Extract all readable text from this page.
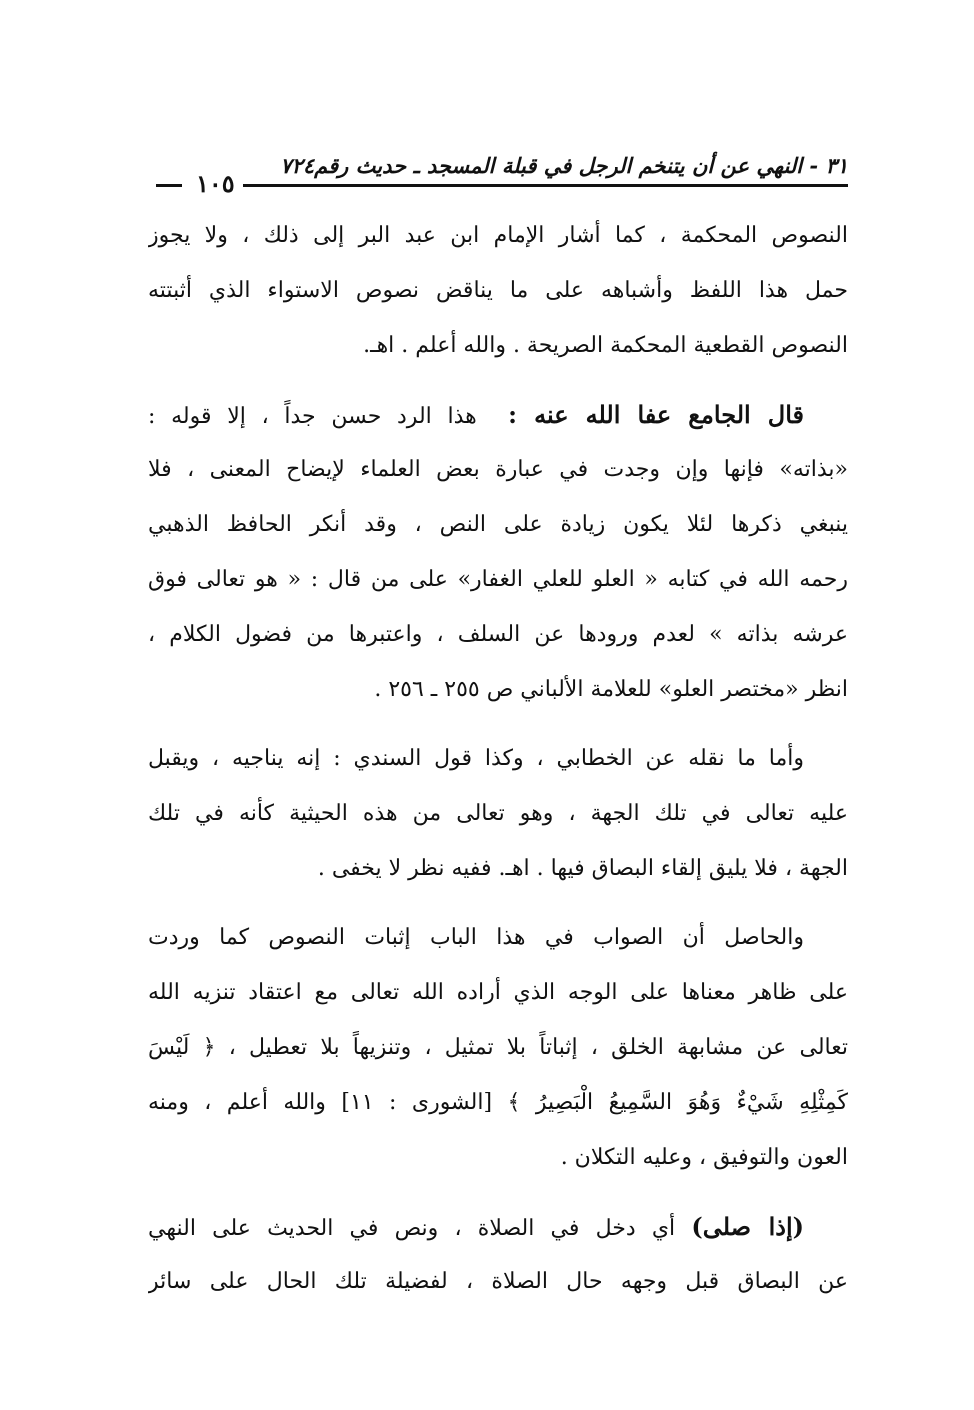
٣١ - النهي عن أن يتنخم الرجل في قبلة المسجد ـ حديث رقم٧٢٤
١٠٥
النصوص المحكمة ، كما أشار الإمام ابن عبد البر إلى ذلك ، ولا يجوز
حمل هذا اللفظ وأشباهه على ما يناقض نصوص الاستواء الذي أثبتته
النصوص القطعية المحكمة الصريحة . والله أعلم . اهـ.
قال الجامع عفا الله عنه :  هذا الرد حسن جداً ، إلا قوله :
«بذاته» فإنها وإن وجدت في عبارة بعض العلماء لإيضاح المعنى ، فلا
ينبغي ذكرها لئلا يكون زيادة على النص ، وقد أنكر الحافظ الذهبي
رحمه الله في كتابه « العلو للعلي الغفار» على من قال : « هو تعالى فوق
عرشه بذاته » لعدم ورودها عن السلف ، واعتبرها من فضول الكلام ،
انظر «مختصر العلو» للعلامة الألباني ص ٢٥٥ ـ ٢٥٦ .
وأما ما نقله عن الخطابي ، وكذا قول السندي : إنه يناجيه ، ويقبل
عليه تعالى في تلك الجهة ، وهو تعالى من هذه الحيثية كأنه في تلك
الجهة ، فلا يليق إلقاء البصاق فيها . اهـ. ففيه نظر لا يخفى .
والحاصل أن الصواب في هذا الباب إثبات النصوص كما وردت
على ظاهر معناها على الوجه الذي أراده الله تعالى مع اعتقاد تنزيه الله
تعالى عن مشابهة الخلق ، إثباتاً بلا تمثيل ، وتنزيهاً بلا تعطيل ، ﴿ لَيْسَ
كَمِثْلِهِ شَيْءٌ وَهُوَ السَّمِيعُ الْبَصِيرُ ﴾ [الشورى : ١١] والله أعلم ، ومنه
العون والتوفيق ، وعليه التكلان .
(إذا صلى) أي دخل في الصلاة ، ونص في الحديث على النهي
عن البصاق قبل وجهه حال الصلاة ، لفضيلة تلك الحال على سائر
